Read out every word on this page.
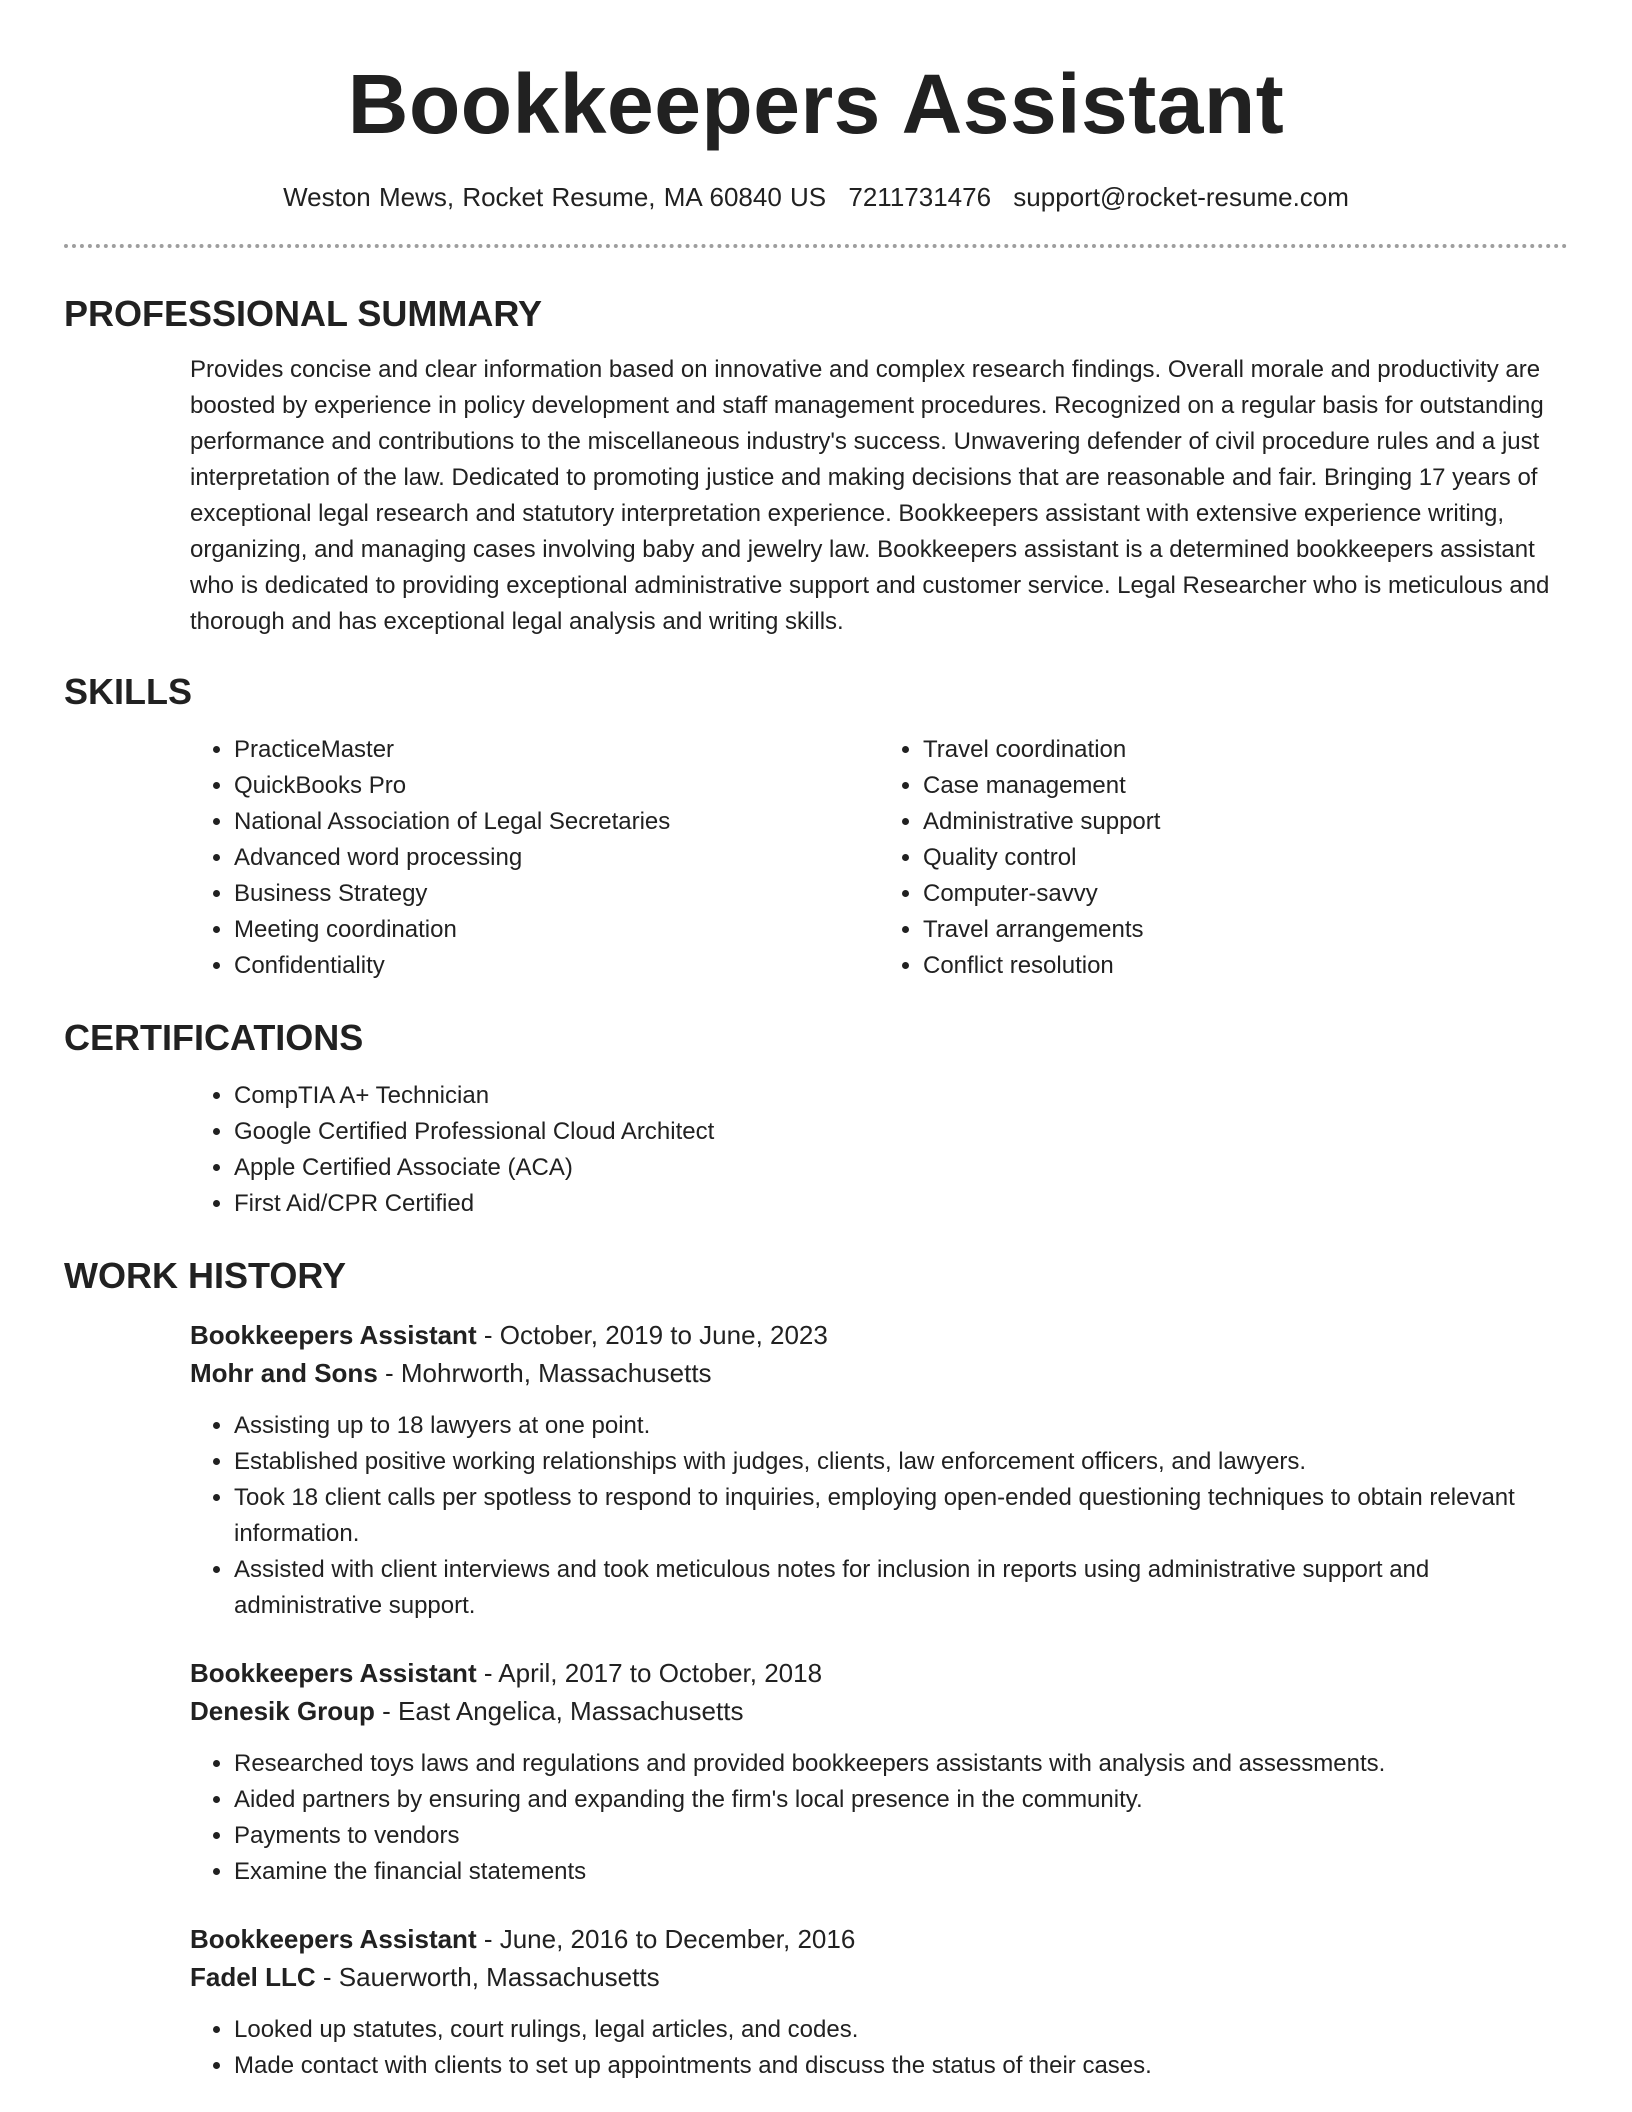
Bookkeepers Assistant
Weston Mews, Rocket Resume, MA 60840 US 7211731476 support@rocket-resume.com
PROFESSIONAL SUMMARY
Provides concise and clear information based on innovative and complex research findings. Overall morale and productivity are boosted by experience in policy development and staff management procedures. Recognized on a regular basis for outstanding performance and contributions to the miscellaneous industry's success. Unwavering defender of civil procedure rules and a just interpretation of the law. Dedicated to promoting justice and making decisions that are reasonable and fair. Bringing 17 years of exceptional legal research and statutory interpretation experience. Bookkeepers assistant with extensive experience writing, organizing, and managing cases involving baby and jewelry law. Bookkeepers assistant is a determined bookkeepers assistant who is dedicated to providing exceptional administrative support and customer service. Legal Researcher who is meticulous and thorough and has exceptional legal analysis and writing skills.
SKILLS
• PracticeMaster
• QuickBooks Pro
• National Association of Legal Secretaries
• Advanced word processing
• Business Strategy
• Meeting coordination
• Confidentiality
• Travel coordination
• Case management
• Administrative support
• Quality control
• Computer-savvy
• Travel arrangements
• Conflict resolution
CERTIFICATIONS
• CompTIA A+ Technician
• Google Certified Professional Cloud Architect
• Apple Certified Associate (ACA)
• First Aid/CPR Certified
WORK HISTORY
Bookkeepers Assistant - October, 2019 to June, 2023
Mohr and Sons - Mohrworth, Massachusetts
• Assisting up to 18 lawyers at one point.
• Established positive working relationships with judges, clients, law enforcement officers, and lawyers.
• Took 18 client calls per spotless to respond to inquiries, employing open-ended questioning techniques to obtain relevant information.
• Assisted with client interviews and took meticulous notes for inclusion in reports using administrative support and administrative support.
Bookkeepers Assistant - April, 2017 to October, 2018
Denesik Group - East Angelica, Massachusetts
• Researched toys laws and regulations and provided bookkeepers assistants with analysis and assessments.
• Aided partners by ensuring and expanding the firm's local presence in the community.
• Payments to vendors
• Examine the financial statements
Bookkeepers Assistant - June, 2016 to December, 2016
Fadel LLC - Sauerworth, Massachusetts
• Looked up statutes, court rulings, legal articles, and codes.
• Made contact with clients to set up appointments and discuss the status of their cases.
